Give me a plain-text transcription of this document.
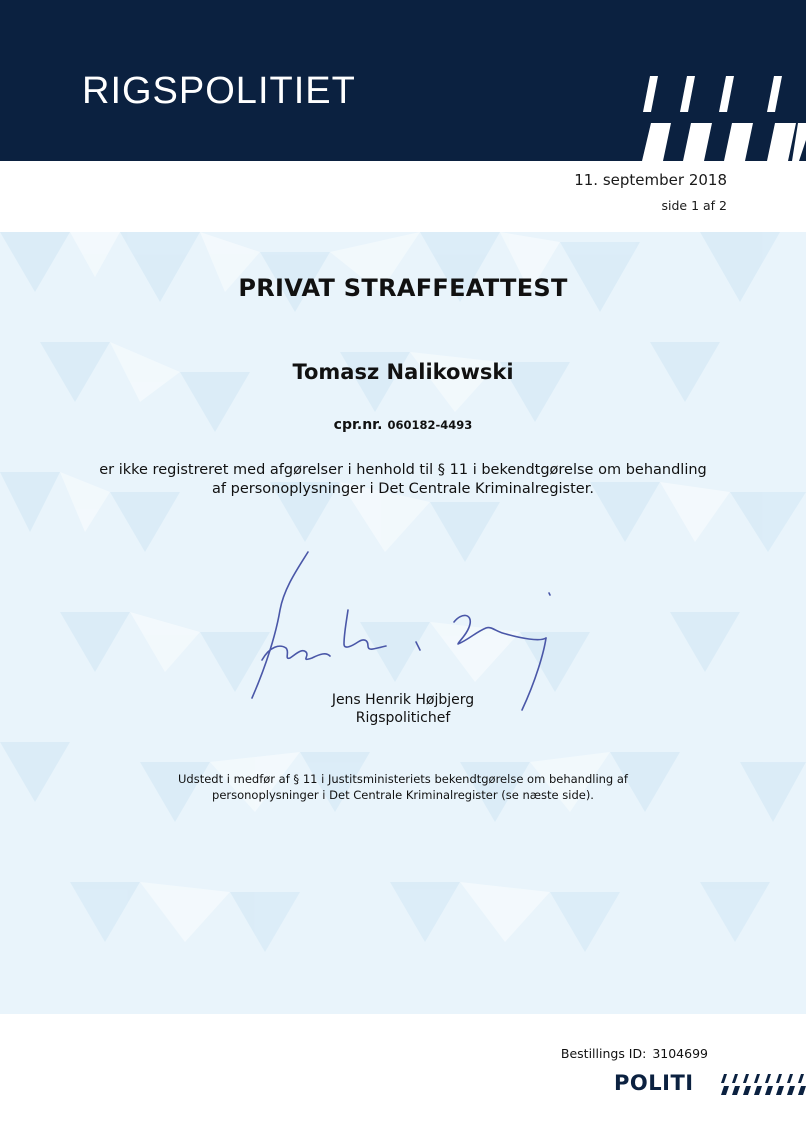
RIGSPOLITIET
11. september 2018
side 1 af 2
PRIVAT STRAFFEATTEST
Tomasz Nalikowski
cpr.nr. 060182-4493
er ikke registreret med afgørelser i henhold til § 11 i bekendtgørelse om behandling
af personoplysninger i Det Centrale Kriminalregister.
Jens Henrik Højbjerg
Rigspolitichef
Udstedt i medfør af § 11 i Justitsministeriets bekendtgørelse om behandling af
personoplysninger i Det Centrale Kriminalregister (se næste side).
Bestillings ID: 3104699
POLITI
